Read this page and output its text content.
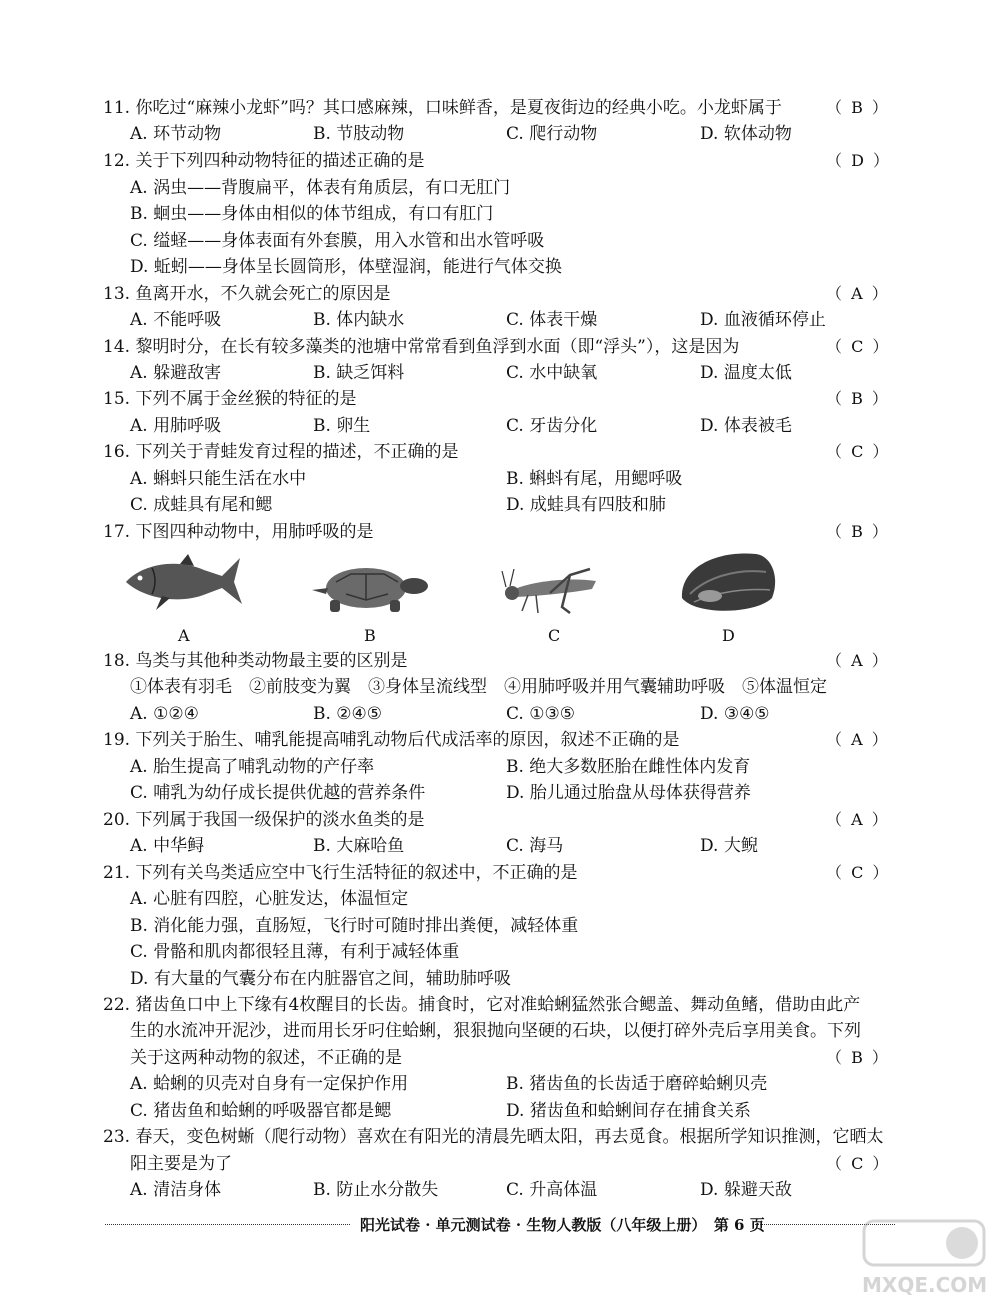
11. 你吃过“麻辣小龙虾”吗？其口感麻辣，口味鲜香，是夏夜街边的经典小吃。小龙虾属于	（ B ）
A. 环节动物	B. 节肢动物	C. 爬行动物	D. 软体动物
12. 关于下列四种动物特征的描述正确的是	（ D ）
A. 涡虫——背腹扁平，体表有角质层，有口无肛门
B. 蛔虫——身体由相似的体节组成，有口有肛门
C. 缢蛏——身体表面有外套膜，用入水管和出水管呼吸
D. 蚯蚓——身体呈长圆筒形，体壁湿润，能进行气体交换
13. 鱼离开水，不久就会死亡的原因是	（ A ）
A. 不能呼吸	B. 体内缺水	C. 体表干燥	D. 血液循环停止
14. 黎明时分，在长有较多藻类的池塘中常常看到鱼浮到水面（即“浮头”），这是因为	（ C ）
A. 躲避敌害	B. 缺乏饵料	C. 水中缺氧	D. 温度太低
15. 下列不属于金丝猴的特征的是	（ B ）
A. 用肺呼吸	B. 卵生	C. 牙齿分化	D. 体表被毛
16. 下列关于青蛙发育过程的描述，不正确的是	（ C ）
A. 蝌蚪只能生活在水中	B. 蝌蚪有尾，用鳃呼吸
C. 成蛙具有尾和鳃	D. 成蛙具有四肢和肺
17. 下图四种动物中，用肺呼吸的是	（ B ）
A	B	C	D
18. 鸟类与其他种类动物最主要的区别是	（ A ）
①体表有羽毛　②前肢变为翼　③身体呈流线型　④用肺呼吸并用气囊辅助呼吸　⑤体温恒定
A. ①②④	B. ②④⑤	C. ①③⑤	D. ③④⑤
19. 下列关于胎生、哺乳能提高哺乳动物后代成活率的原因，叙述不正确的是	（ A ）
A. 胎生提高了哺乳动物的产仔率	B. 绝大多数胚胎在雌性体内发育
C. 哺乳为幼仔成长提供优越的营养条件	D. 胎儿通过胎盘从母体获得营养
20. 下列属于我国一级保护的淡水鱼类的是	（ A ）
A. 中华鲟	B. 大麻哈鱼	C. 海马	D. 大鲵
21. 下列有关鸟类适应空中飞行生活特征的叙述中，不正确的是	（ C ）
A. 心脏有四腔，心脏发达，体温恒定
B. 消化能力强，直肠短，飞行时可随时排出粪便，减轻体重
C. 骨骼和肌肉都很轻且薄，有利于减轻体重
D. 有大量的气囊分布在内脏器官之间，辅助肺呼吸
22. 猪齿鱼口中上下缘有4枚醒目的长齿。捕食时，它对准蛤蜊猛然张合鳃盖、舞动鱼鳍，借助由此产
生的水流冲开泥沙，进而用长牙叼住蛤蜊，狠狠抛向坚硬的石块，以便打碎外壳后享用美食。下列
关于这两种动物的叙述，不正确的是	（ B ）
A. 蛤蜊的贝壳对自身有一定保护作用	B. 猪齿鱼的长齿适于磨碎蛤蜊贝壳
C. 猪齿鱼和蛤蜊的呼吸器官都是鳃	D. 猪齿鱼和蛤蜊间存在捕食关系
23. 春天，变色树蜥（爬行动物）喜欢在有阳光的清晨先晒太阳，再去觅食。根据所学知识推测，它晒太
阳主要是为了	（ C ）
A. 清洁身体	B. 防止水分散失	C. 升高体温	D. 躲避天敌
阳光试卷 · 单元测试卷 · 生物人教版（八年级上册）　第 6 页
MXQE.COM
